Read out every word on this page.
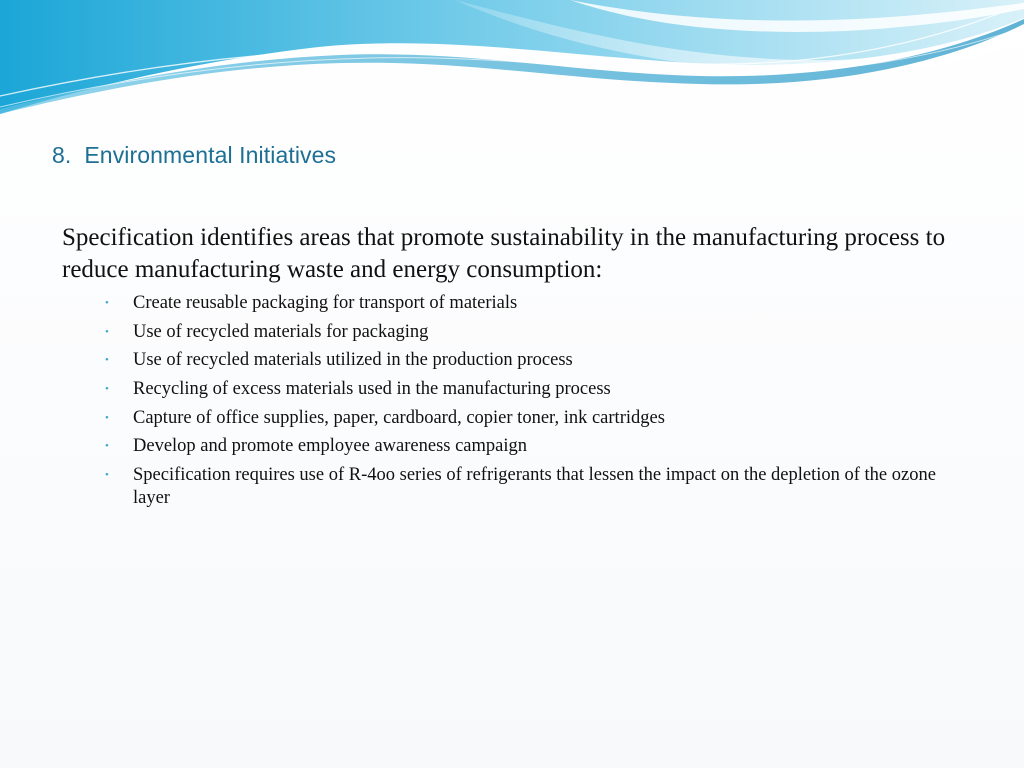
8.  Environmental Initiatives

Specification identifies areas that promote sustainability in the manufacturing process to reduce manufacturing waste and energy consumption:

•	Create reusable packaging for transport of materials
•	Use of recycled materials for packaging
•	Use of recycled materials utilized in the production process
•	Recycling of excess materials used in the manufacturing process
•	Capture of office supplies, paper, cardboard, copier toner, ink cartridges
•	Develop and promote employee awareness campaign
•	Specification requires use of R-4oo series of refrigerants that lessen the impact on the depletion of the ozone layer
